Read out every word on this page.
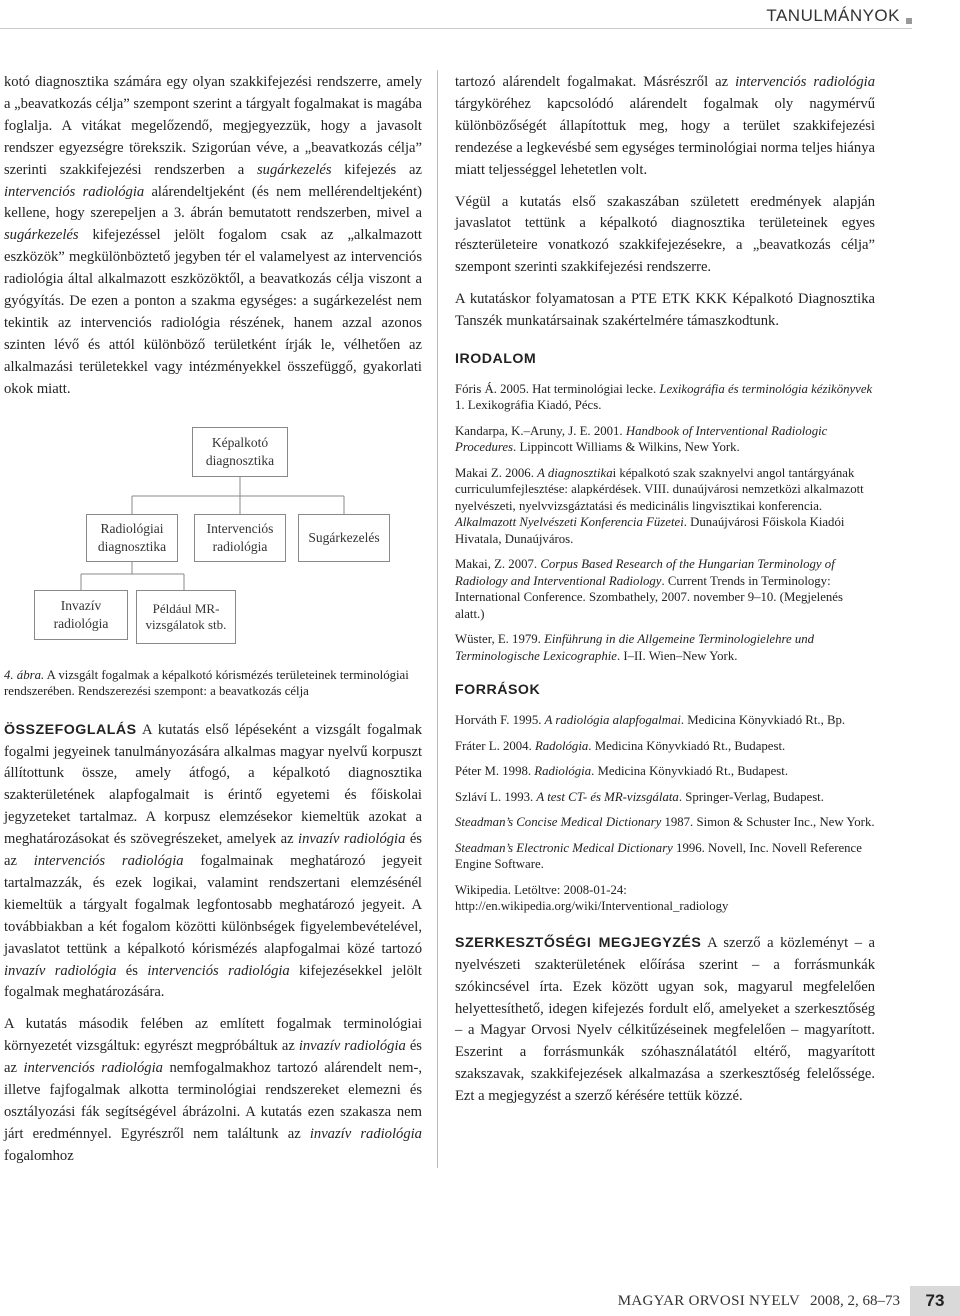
TANULMÁNYOK

kotó diagnosztika számára egy olyan szakkifejezési rendszerre, amely a „beavatkozás célja” szempont szerint a tárgyalt fogalmakat is magába foglalja. A vitákat megelőzendő, megjegyezzük, hogy a javasolt rendszer egyezségre törekszik. Szigorúan véve, a „beavatkozás célja” szerinti szakkifejezési rendszerben a sugárkezelés kifejezés az intervenciós radiológia alárendeltjeként (és nem mellérendeltjeként) kellene, hogy szerepeljen a 3. ábrán bemutatott rendszerben, mivel a sugárkezelés kifejezéssel jelölt fogalom csak az „alkalmazott eszközök” megkülönböztető jegyben tér el valamelyest az intervenciós radiológia által alkalmazott eszközöktől, a beavatkozás célja viszont a gyógyítás. De ezen a ponton a szakma egységes: a sugárkezelést nem tekintik az intervenciós radiológia részének, hanem azzal azonos szinten lévő és attól különböző területként írják le, vélhetően az alkalmazási területekkel vagy intézményekkel összefüggő, gyakorlati okok miatt.

Képalkotó diagnosztika
Radiológiai diagnosztika
Intervenciós radiológia
Sugárkezelés
Invazív radiológia
Például MR-vizsgálatok stb.

4. ábra. A vizsgált fogalmak a képalkotó kórismézés területeinek terminológiai rendszerében. Rendszerezési szempont: a beavatkozás célja

ÖSSZEFOGLALÁS A kutatás első lépéseként a vizsgált fogalmak fogalmi jegyeinek tanulmányozására alkalmas magyar nyelvű korpuszt állítottunk össze, amely átfogó, a képalkotó diagnosztika szakterületének alapfogalmait is érintő egyetemi és főiskolai jegyzeteket tartalmaz. A korpusz elemzésekor kiemeltük azokat a meghatározásokat és szövegrészeket, amelyek az invazív radiológia és az intervenciós radiológia fogalmainak meghatározó jegyeit tartalmazzák, és ezek logikai, valamint rendszertani elemzésénél kiemeltük a tárgyalt fogalmak legfontosabb meghatározó jegyeit. A továbbiakban a két fogalom közötti különbségek figyelembevételével, javaslatot tettünk a képalkotó kórismézés alapfogalmai közé tartozó invazív radiológia és intervenciós radiológia kifejezésekkel jelölt fogalmak meghatározására.

A kutatás második felében az említett fogalmak terminológiai környezetét vizsgáltuk: egyrészt megpróbáltuk az invazív radiológia és az intervenciós radiológia nemfogalmakhoz tartozó alárendelt nem-, illetve fajfogalmak alkotta terminológiai rendszereket elemezni és osztályozási fák segítségével ábrázolni. A kutatás ezen szakasza nem járt eredménnyel. Egyrészről nem találtunk az invazív radiológia fogalomhoz

tartozó alárendelt fogalmakat. Másrészről az intervenciós radiológia tárgyköréhez kapcsolódó alárendelt fogalmak oly nagymérvű különbözőségét állapítottuk meg, hogy a terület szakkifejezési rendezése a legkevésbé sem egységes terminológiai norma teljes hiánya miatt teljességgel lehetetlen volt.

Végül a kutatás első szakaszában született eredmények alapján javaslatot tettünk a képalkotó diagnosztika területeinek egyes részterületeire vonatkozó szakkifejezésekre, a „beavatkozás célja” szempont szerinti szakkifejezési rendszerre.

A kutatáskor folyamatosan a PTE ETK KKK Képalkotó Diagnosztika Tanszék munkatársainak szakértelmére támaszkodtunk.

IRODALOM

Fóris Á. 2005. Hat terminológiai lecke. Lexikográfia és terminológia kézikönyvek 1. Lexikográfia Kiadó, Pécs.

Kandarpa, K.–Aruny, J. E. 2001. Handbook of Interventional Radiologic Procedures. Lippincott Williams & Wilkins, New York.

Makai Z. 2006. A diagnosztikai képalkotó szak szaknyelvi angol tantárgyának curriculumfejlesztése: alapkérdések. VIII. dunaújvárosi nemzetközi alkalmazott nyelvészeti, nyelvvizsgáztatási és medicinális lingvisztikai konferencia. Alkalmazott Nyelvészeti Konferencia Füzetei. Dunaújvárosi Főiskola Kiadói Hivatala, Dunaújváros.

Makai, Z. 2007. Corpus Based Research of the Hungarian Terminology of Radiology and Interventional Radiology. Current Trends in Terminology: International Conference. Szombathely, 2007. november 9–10. (Megjelenés alatt.)

Wüster, E. 1979. Einführung in die Allgemeine Terminologielehre und Terminologische Lexicographie. I–II. Wien–New York.

FORRÁSOK

Horváth F. 1995. A radiológia alapfogalmai. Medicina Könyvkiadó Rt., Bp.

Fráter L. 2004. Radológia. Medicina Könyvkiadó Rt., Budapest.

Péter M. 1998. Radiológia. Medicina Könyvkiadó Rt., Budapest.

Szláví L. 1993. A test CT- és MR-vizsgálata. Springer-Verlag, Budapest.

Steadman’s Concise Medical Dictionary 1987. Simon & Schuster Inc., New York.

Steadman’s Electronic Medical Dictionary 1996. Novell, Inc. Novell Reference Engine Software.

Wikipedia. Letöltve: 2008-01-24: http://en.wikipedia.org/wiki/Interventional_radiology

SZERKESZTŐSÉGI MEGJEGYZÉS A szerző a közleményt – a nyelvészeti szakterületének előírása szerint – a forrásmunkák szókincsével írta. Ezek között ugyan sok, magyarul megfelelően helyettesíthető, idegen kifejezés fordult elő, amelyeket a szerkesztőség – a Magyar Orvosi Nyelv célkitűzéseinek megfelelően – magyarított. Eszerint a forrásmunkák szóhasználatától eltérő, magyarított szakszavak, szakkifejezések alkalmazása a szerkesztőség felelőssége. Ezt a megjegyzést a szerző kérésére tettük közzé.

MAGYAR ORVOSI NYELV 2008, 2, 68–73	73
